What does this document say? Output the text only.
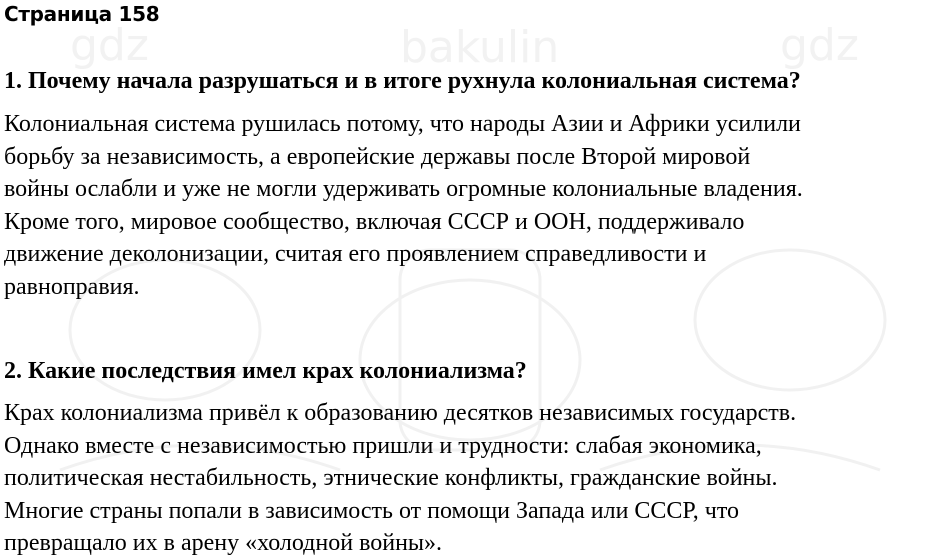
gdz	bakulin	gdz
Страница 158
1. Почему начала разрушаться и в итоге рухнула колониальная система?
Колониальная система рушилась потому, что народы Азии и Африки усилили
борьбу за независимость, а европейские державы после Второй мировой
войны ослабли и уже не могли удерживать огромные колониальные владения.
Кроме того, мировое сообщество, включая СССР и ООН, поддерживало
движение деколонизации, считая его проявлением справедливости и
равноправия.
2. Какие последствия имел крах колониализма?
Крах колониализма привёл к образованию десятков независимых государств.
Однако вместе с независимостью пришли и трудности: слабая экономика,
политическая нестабильность, этнические конфликты, гражданские войны.
Многие страны попали в зависимость от помощи Запада или СССР, что
превращало их в арену «холодной войны».
